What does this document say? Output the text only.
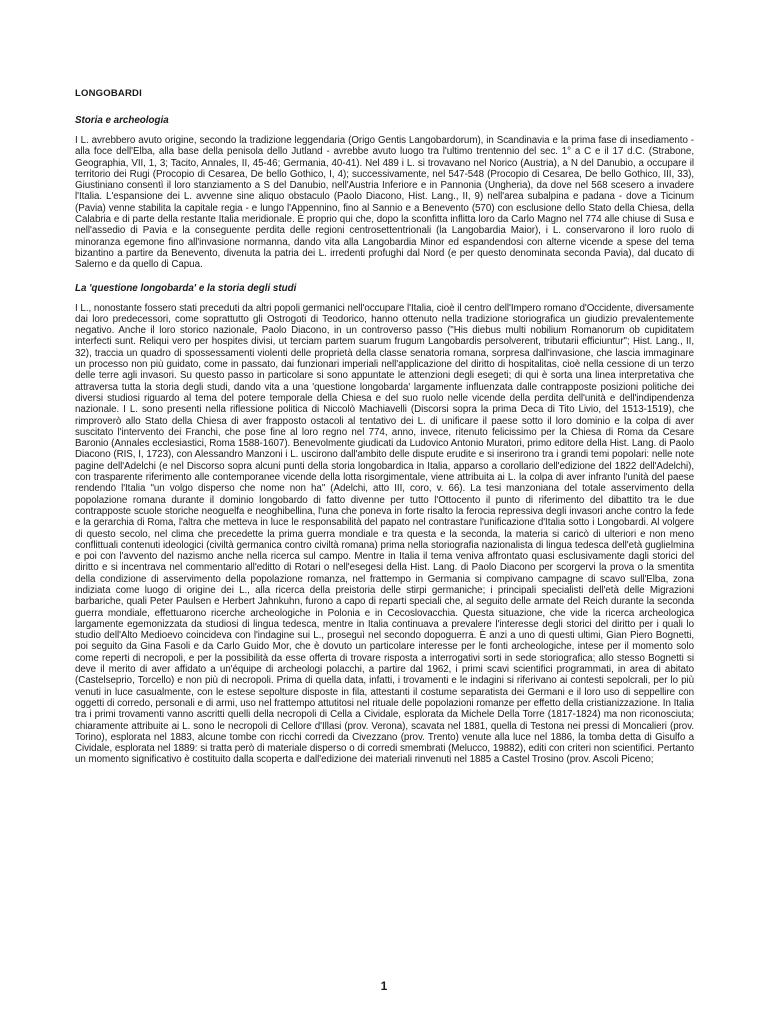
LONGOBARDI
Storia e archeologia

I L. avrebbero avuto origine, secondo la tradizione leggendaria (Origo Gentis Langobardorum), in Scandinavia e la prima fase di insediamento - alla foce dell'Elba, alla base della penisola dello Jutland - avrebbe avuto luogo tra l'ultimo trentennio del sec. 1° a C e il 17 d.C. (Strabone, Geographia, VII, 1, 3; Tacito, Annales, II, 45-46; Germania, 40-41). Nel 489 i L. si trovavano nel Norico (Austria), a N del Danubio, a occupare il territorio dei Rugi (Procopio di Cesarea, De bello Gothico, I, 4); successivamente, nel 547-548 (Procopio di Cesarea, De bello Gothico, III, 33), Giustiniano consentì il loro stanziamento a S del Danubio, nell'Austria Inferiore e in Pannonia (Ungheria), da dove nel 568 scesero a invadere l'Italia. L'espansione dei L. avvenne sine aliquo obstaculo (Paolo Diacono, Hist. Lang., II, 9) nell'area subalpina e padana - dove a Ticinum (Pavia) venne stabilita la capitale regia - e lungo l'Appennino, fino al Sannio e a Benevento (570) con esclusione dello Stato della Chiesa, della Calabria e di parte della restante Italia meridionale. È proprio qui che, dopo la sconfitta inflitta loro da Carlo Magno nel 774 alle chiuse di Susa e nell'assedio di Pavia e la conseguente perdita delle regioni centrosettentrionali (la Langobardia Maior), i L. conservarono il loro ruolo di minoranza egemone fino all'invasione normanna, dando vita alla Langobardia Minor ed espandendosi con alterne vicende a spese del tema bizantino a partire da Benevento, divenuta la patria dei L. irredenti profughi dal Nord (e per questo denominata seconda Pavia), dal ducato di Salerno e da quello di Capua.

La 'questione longobarda' e la storia degli studi

I L., nonostante fossero stati preceduti da altri popoli germanici nell'occupare l'Italia, cioè il centro dell'Impero romano d'Occidente, diversamente dai loro predecessori, come soprattutto gli Ostrogoti di Teodorico, hanno ottenuto nella tradizione storiografica un giudizio prevalentemente negativo. Anche il loro storico nazionale, Paolo Diacono, in un controverso passo ("His diebus multi nobilium Romanorum ob cupiditatem interfecti sunt. Reliqui vero per hospites divisi, ut terciam partem suarum frugum Langobardis persolverent, tributarii efficiuntur"; Hist. Lang., II, 32), traccia un quadro di spossessamenti violenti delle proprietà della classe senatoria romana, sorpresa dall'invasione, che lascia immaginare un processo non più guidato, come in passato, dai funzionari imperiali nell'applicazione del diritto di hospitalitas, cioè nella cessione di un terzo delle terre agli invasori. Su questo passo in particolare si sono appuntate le attenzioni degli esegeti; di qui è sorta una linea interpretativa che attraversa tutta la storia degli studi, dando vita a una 'questione longobarda' largamente influenzata dalle contrapposte posizioni politiche dei diversi studiosi riguardo al tema del potere temporale della Chiesa e del suo ruolo nelle vicende della perdita dell'unità e dell'indipendenza nazionale. I L. sono presenti nella riflessione politica di Niccolò Machiavelli (Discorsi sopra la prima Deca di Tito Livio, del 1513-1519), che rimproverò allo Stato della Chiesa di aver frapposto ostacoli al tentativo dei L. di unificare il paese sotto il loro dominio e la colpa di aver suscitato l'intervento dei Franchi, che pose fine al loro regno nel 774, anno, invece, ritenuto felicissimo per la Chiesa di Roma da Cesare Baronio (Annales ecclesiastici, Roma 1588-1607). Benevolmente giudicati da Ludovico Antonio Muratori, primo editore della Hist. Lang. di Paolo Diacono (RIS, I, 1723), con Alessandro Manzoni i L. uscirono dall'ambito delle dispute erudite e si inserirono tra i grandi temi popolari: nelle note pagine dell'Adelchi (e nel Discorso sopra alcuni punti della storia longobardica in Italia, apparso a corollario dell'edizione del 1822 dell'Adelchi), con trasparente riferimento alle contemporanee vicende della lotta risorgimentale, viene attribuita ai L. la colpa di aver infranto l'unità del paese rendendo l'Italia "un volgo disperso che nome non ha" (Adelchi, atto III, coro, v. 66). La tesi manzoniana del totale asservimento della popolazione romana durante il dominio longobardo di fatto divenne per tutto l'Ottocento il punto di riferimento del dibattito tra le due contrapposte scuole storiche neoguelfa e neoghibellina, l'una che poneva in forte risalto la ferocia repressiva degli invasori anche contro la fede e la gerarchia di Roma, l'altra che metteva in luce le responsabilità del papato nel contrastare l'unificazione d'Italia sotto i Longobardi. Al volgere di questo secolo, nel clima che precedette la prima guerra mondiale e tra questa e la seconda, la materia si caricò di ulteriori e non meno conflittuali contenuti ideologici (civiltà germanica contro civiltà romana) prima nella storiografia nazionalista di lingua tedesca dell'età guglielmina e poi con l'avvento del nazismo anche nella ricerca sul campo. Mentre in Italia il tema veniva affrontato quasi esclusivamente dagli storici del diritto e si incentrava nel commentario all'editto di Rotari o nell'esegesi della Hist. Lang. di Paolo Diacono per scorgervi la prova o la smentita della condizione di asservimento della popolazione romanza, nel frattempo in Germania si compivano campagne di scavo sull'Elba, zona indiziata come luogo di origine dei L., alla ricerca della preistoria delle stirpi germaniche; i principali specialisti dell'età delle Migrazioni barbariche, quali Peter Paulsen e Herbert Jahnkuhn, furono a capo di reparti speciali che, al seguito delle armate del Reich durante la seconda guerra mondiale, effettuarono ricerche archeologiche in Polonia e in Cecoslovacchia. Questa situazione, che vide la ricerca archeologica largamente egemonizzata da studiosi di lingua tedesca, mentre in Italia continuava a prevalere l'interesse degli storici del diritto per i quali lo studio dell'Alto Medioevo coincideva con l'indagine sui L., proseguì nel secondo dopoguerra. È anzi a uno di questi ultimi, Gian Piero Bognetti, poi seguito da Gina Fasoli e da Carlo Guido Mor, che è dovuto un particolare interesse per le fonti archeologiche, intese per il momento solo come reperti di necropoli, e per la possibilità da esse offerta di trovare risposta a interrogativi sorti in sede storiografica; allo stesso Bognetti si deve il merito di aver affidato a un'équipe di archeologi polacchi, a partire dal 1962, i primi scavi scientifici programmati, in area di abitato (Castelseprio, Torcello) e non più di necropoli. Prima di quella data, infatti, i trovamenti e le indagini si riferivano ai contesti sepolcrali, per lo più venuti in luce casualmente, con le estese sepolture disposte in fila, attestanti il costume separatista dei Germani e il loro uso di seppellire con oggetti di corredo, personali e di armi, uso nel frattempo attutitosi nel rituale delle popolazioni romanze per effetto della cristianizzazione. In Italia tra i primi trovamenti vanno ascritti quelli della necropoli di Cella a Cividale, esplorata da Michele Della Torre (1817-1824) ma non riconosciuta; chiaramente attribuite ai L. sono le necropoli di Cellore d'Illasi (prov. Verona), scavata nel 1881, quella di Testona nei pressi di Moncalieri (prov. Torino), esplorata nel 1883, alcune tombe con ricchi corredi da Civezzano (prov. Trento) venute alla luce nel 1886, la tomba detta di Gisulfo a Cividale, esplorata nel 1889: si tratta però di materiale disperso o di corredi smembrati (Melucco, 19882), editi con criteri non scientifici. Pertanto un momento significativo è costituito dalla scoperta e dall'edizione dei materiali rinvenuti nel 1885 a Castel Trosino (prov. Ascoli Piceno;

1
